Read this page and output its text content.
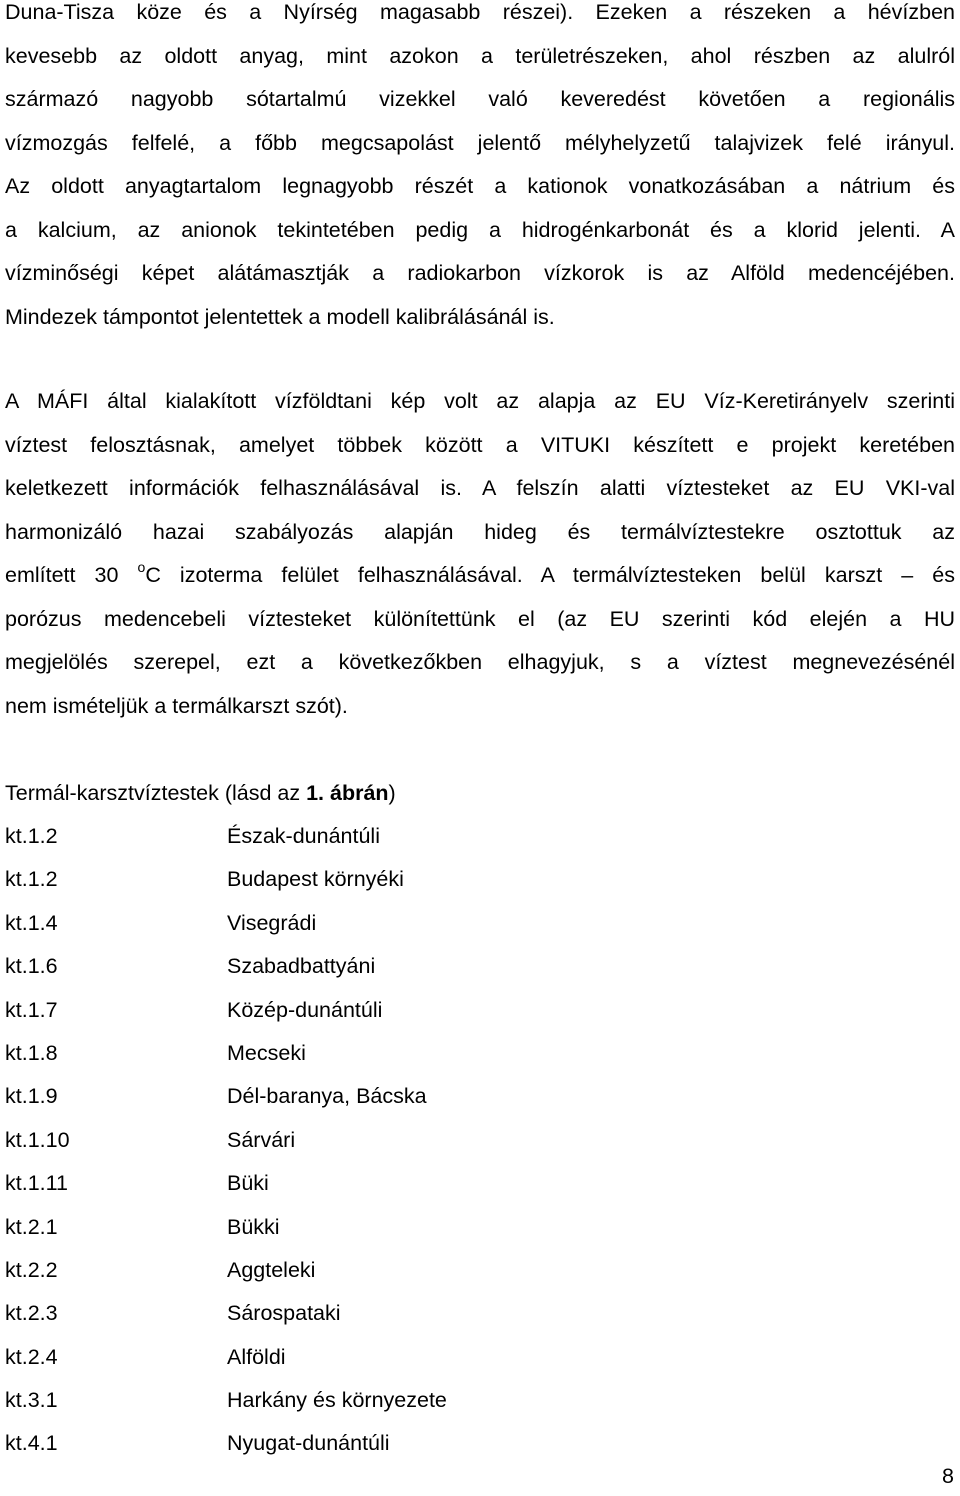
Duna-Tisza köze és a Nyírség magasabb részei). Ezeken a részeken a hévízben
kevesebb az oldott anyag, mint azokon a területrészeken, ahol részben az alulról
származó nagyobb sótartalmú vizekkel való keveredést követően a regionális
vízmozgás felfelé, a főbb megcsapolást jelentő mélyhelyzetű talajvizek felé irányul.
Az oldott anyagtartalom legnagyobb részét a kationok vonatkozásában a nátrium és
a kalcium, az anionok tekintetében pedig a hidrogénkarbonát és a klorid jelenti. A
vízminőségi képet alátámasztják a radiokarbon vízkorok is az Alföld medencéjében.
Mindezek támpontot jelentettek a modell kalibrálásánál is.
A MÁFI által kialakított vízföldtani kép volt az alapja az EU Víz-Keretirányelv szerinti
víztest felosztásnak, amelyet többek között a VITUKI készített e projekt keretében
keletkezett információk felhasználásával is. A felszín alatti víztesteket az EU VKI-val
harmonizáló hazai szabályozás alapján hideg és termálvíztestekre osztottuk az
említett 30 $^o$C izoterma felület felhasználásával. A termálvíztesteken belül karszt – és
porózus medencebeli víztesteket különítettünk el (az EU szerinti kód elején a HU
megjelölés szerepel, ezt a következőkben elhagyjuk, s a víztest megnevezésénél
nem ismételjük a termálkarszt szót).
Termál-karsztvíztestek (lásd az 1. ábrán)
kt.1.2	Észak-dunántúli
kt.1.2	Budapest környéki
kt.1.4	Visegrádi
kt.1.6	Szabadbattyáni
kt.1.7	Közép-dunántúli
kt.1.8	Mecseki
kt.1.9	Dél-baranya, Bácska
kt.1.10	Sárvári
kt.1.11	Büki
kt.2.1	Bükki
kt.2.2	Aggteleki
kt.2.3	Sárospataki
kt.2.4	Alföldi
kt.3.1	Harkány és környezete
kt.4.1	Nyugat-dunántúli
8
